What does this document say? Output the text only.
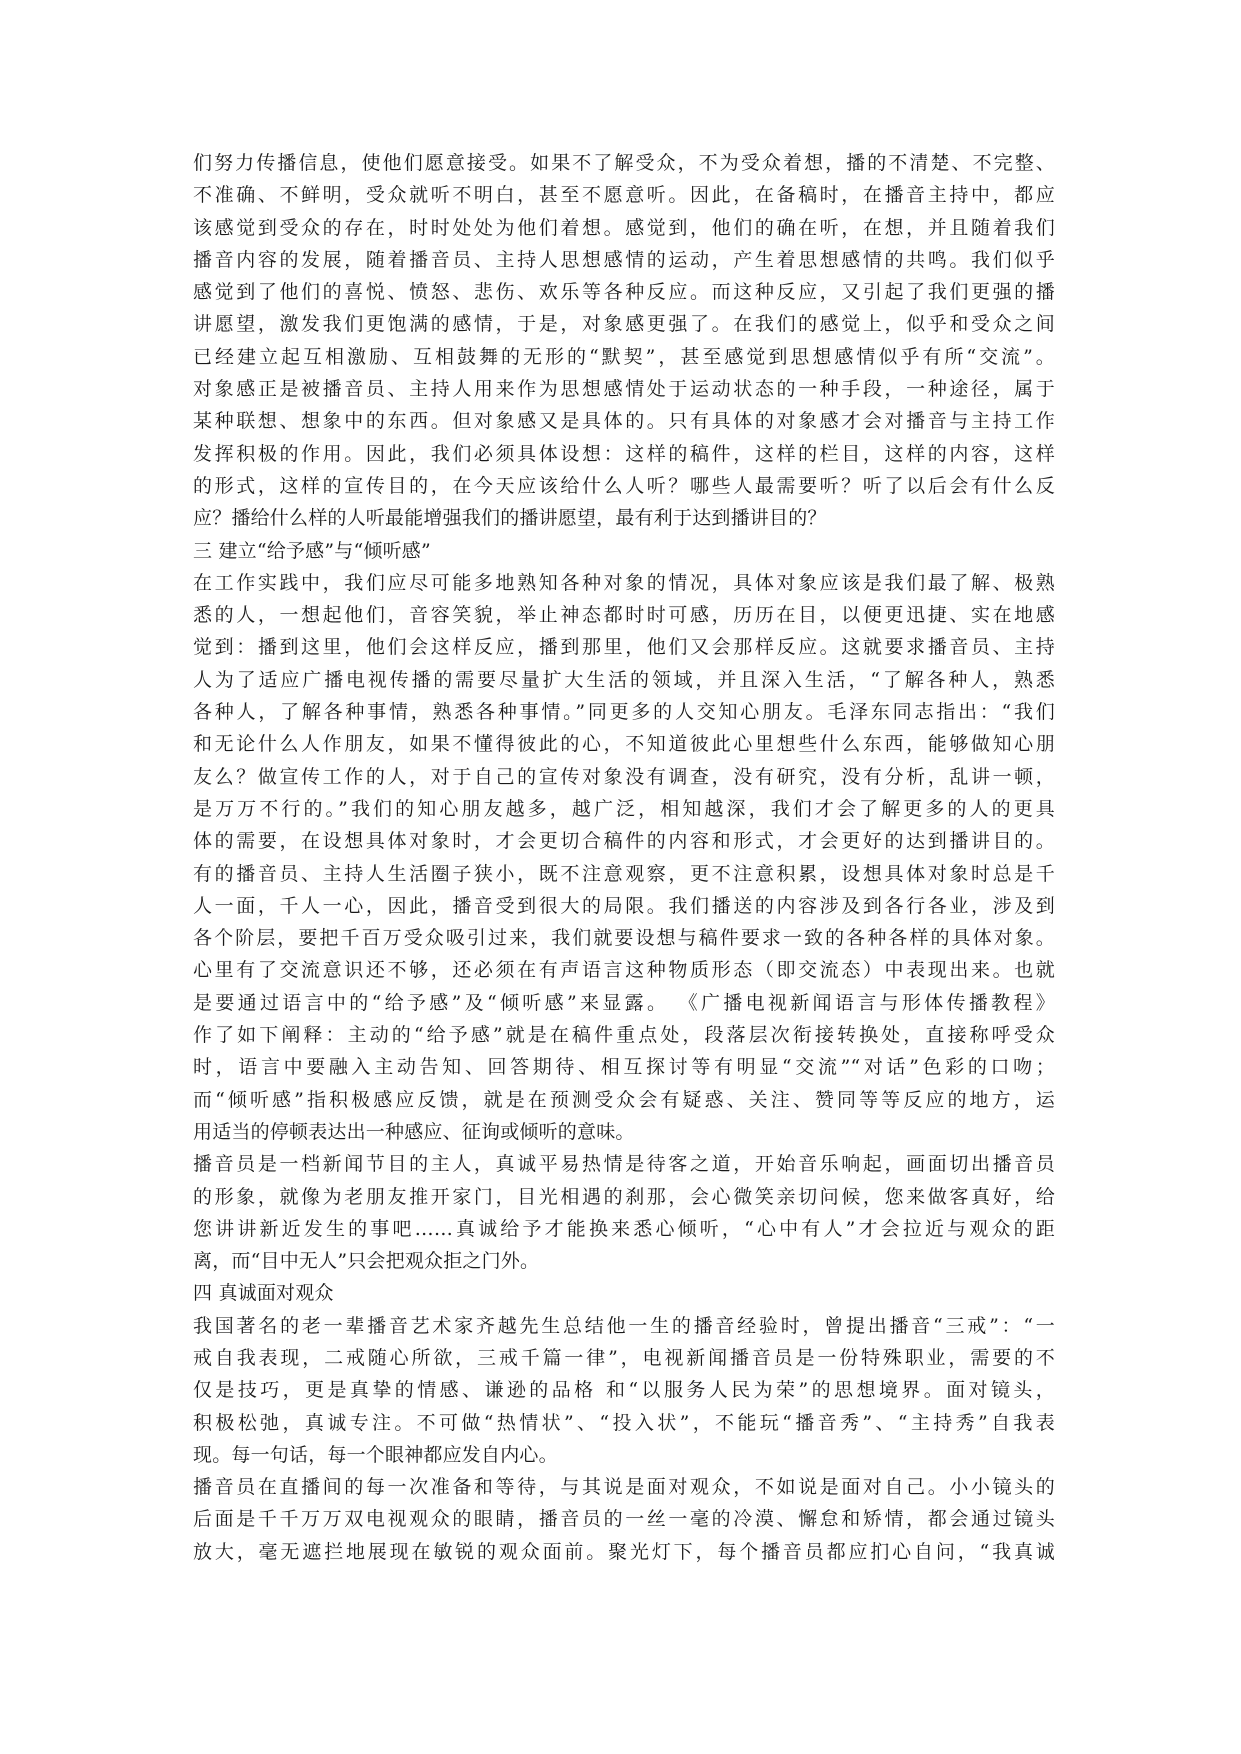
们努力传播信息，使他们愿意接受。如果不了解受众，不为受众着想，播的不清楚、不完整、
不准确、不鲜明，受众就听不明白，甚至不愿意听。因此，在备稿时，在播音主持中，都应
该感觉到受众的存在，时时处处为他们着想。感觉到，他们的确在听，在想，并且随着我们
播音内容的发展，随着播音员、主持人思想感情的运动，产生着思想感情的共鸣。我们似乎
感觉到了他们的喜悦、愤怒、悲伤、欢乐等各种反应。而这种反应，又引起了我们更强的播
讲愿望，激发我们更饱满的感情，于是，对象感更强了。在我们的感觉上，似乎和受众之间
已经建立起互相激励、互相鼓舞的无形的“默契”，甚至感觉到思想感情似乎有所“交流”。
对象感正是被播音员、主持人用来作为思想感情处于运动状态的一种手段，一种途径，属于
某种联想、想象中的东西。但对象感又是具体的。只有具体的对象感才会对播音与主持工作
发挥积极的作用。因此，我们必须具体设想：这样的稿件，这样的栏目，这样的内容，这样
的形式，这样的宣传目的，在今天应该给什么人听？哪些人最需要听？听了以后会有什么反
应？播给什么样的人听最能增强我们的播讲愿望，最有利于达到播讲目的？
三 建立“给予感”与“倾听感”
在工作实践中，我们应尽可能多地熟知各种对象的情况，具体对象应该是我们最了解、极熟
悉的人，一想起他们，音容笑貌，举止神态都时时可感，历历在目，以便更迅捷、实在地感
觉到：播到这里，他们会这样反应，播到那里，他们又会那样反应。这就要求播音员、主持
人为了适应广播电视传播的需要尽量扩大生活的领域，并且深入生活，“了解各种人，熟悉
各种人，了解各种事情，熟悉各种事情。”同更多的人交知心朋友。毛泽东同志指出：“我们
和无论什么人作朋友，如果不懂得彼此的心，不知道彼此心里想些什么东西，能够做知心朋
友么？做宣传工作的人，对于自己的宣传对象没有调查，没有研究，没有分析，乱讲一顿，
是万万不行的。”我们的知心朋友越多，越广泛，相知越深，我们才会了解更多的人的更具
体的需要，在设想具体对象时，才会更切合稿件的内容和形式，才会更好的达到播讲目的。
有的播音员、主持人生活圈子狭小，既不注意观察，更不注意积累，设想具体对象时总是千
人一面，千人一心，因此，播音受到很大的局限。我们播送的内容涉及到各行各业，涉及到
各个阶层，要把千百万受众吸引过来，我们就要设想与稿件要求一致的各种各样的具体对象。
心里有了交流意识还不够，还必须在有声语言这种物质形态（即交流态）中表现出来。也就
是要通过语言中的“给予感”及“倾听感”来显露。 《广播电视新闻语言与形体传播教程》
作了如下阐释：主动的“给予感”就是在稿件重点处，段落层次衔接转换处，直接称呼受众
时，语言中要融入主动告知、回答期待、相互探讨等有明显“交流”“对话”色彩的口吻；
而“倾听感”指积极感应反馈，就是在预测受众会有疑惑、关注、赞同等等反应的地方，运
用适当的停顿表达出一种感应、征询或倾听的意味。
播音员是一档新闻节目的主人，真诚平易热情是待客之道，开始音乐响起，画面切出播音员
的形象，就像为老朋友推开家门，目光相遇的刹那，会心微笑亲切问候，您来做客真好，给
您讲讲新近发生的事吧……真诚给予才能换来悉心倾听，“心中有人”才会拉近与观众的距
离，而“目中无人”只会把观众拒之门外。
四 真诚面对观众
我国著名的老一辈播音艺术家齐越先生总结他一生的播音经验时，曾提出播音“三戒”：“一
戒自我表现，二戒随心所欲，三戒千篇一律”，电视新闻播音员是一份特殊职业，需要的不
仅是技巧，更是真挚的情感、谦逊的品格 和“以服务人民为荣”的思想境界。面对镜头，
积极松弛，真诚专注。不可做“热情状”、“投入状”，不能玩“播音秀”、“主持秀”自我表
现。每一句话，每一个眼神都应发自内心。
播音员在直播间的每一次准备和等待，与其说是面对观众，不如说是面对自己。小小镜头的
后面是千千万万双电视观众的眼睛，播音员的一丝一毫的冷漠、懈怠和矫情，都会通过镜头
放大，毫无遮拦地展现在敏锐的观众面前。聚光灯下，每个播音员都应扪心自问，“我真诚
